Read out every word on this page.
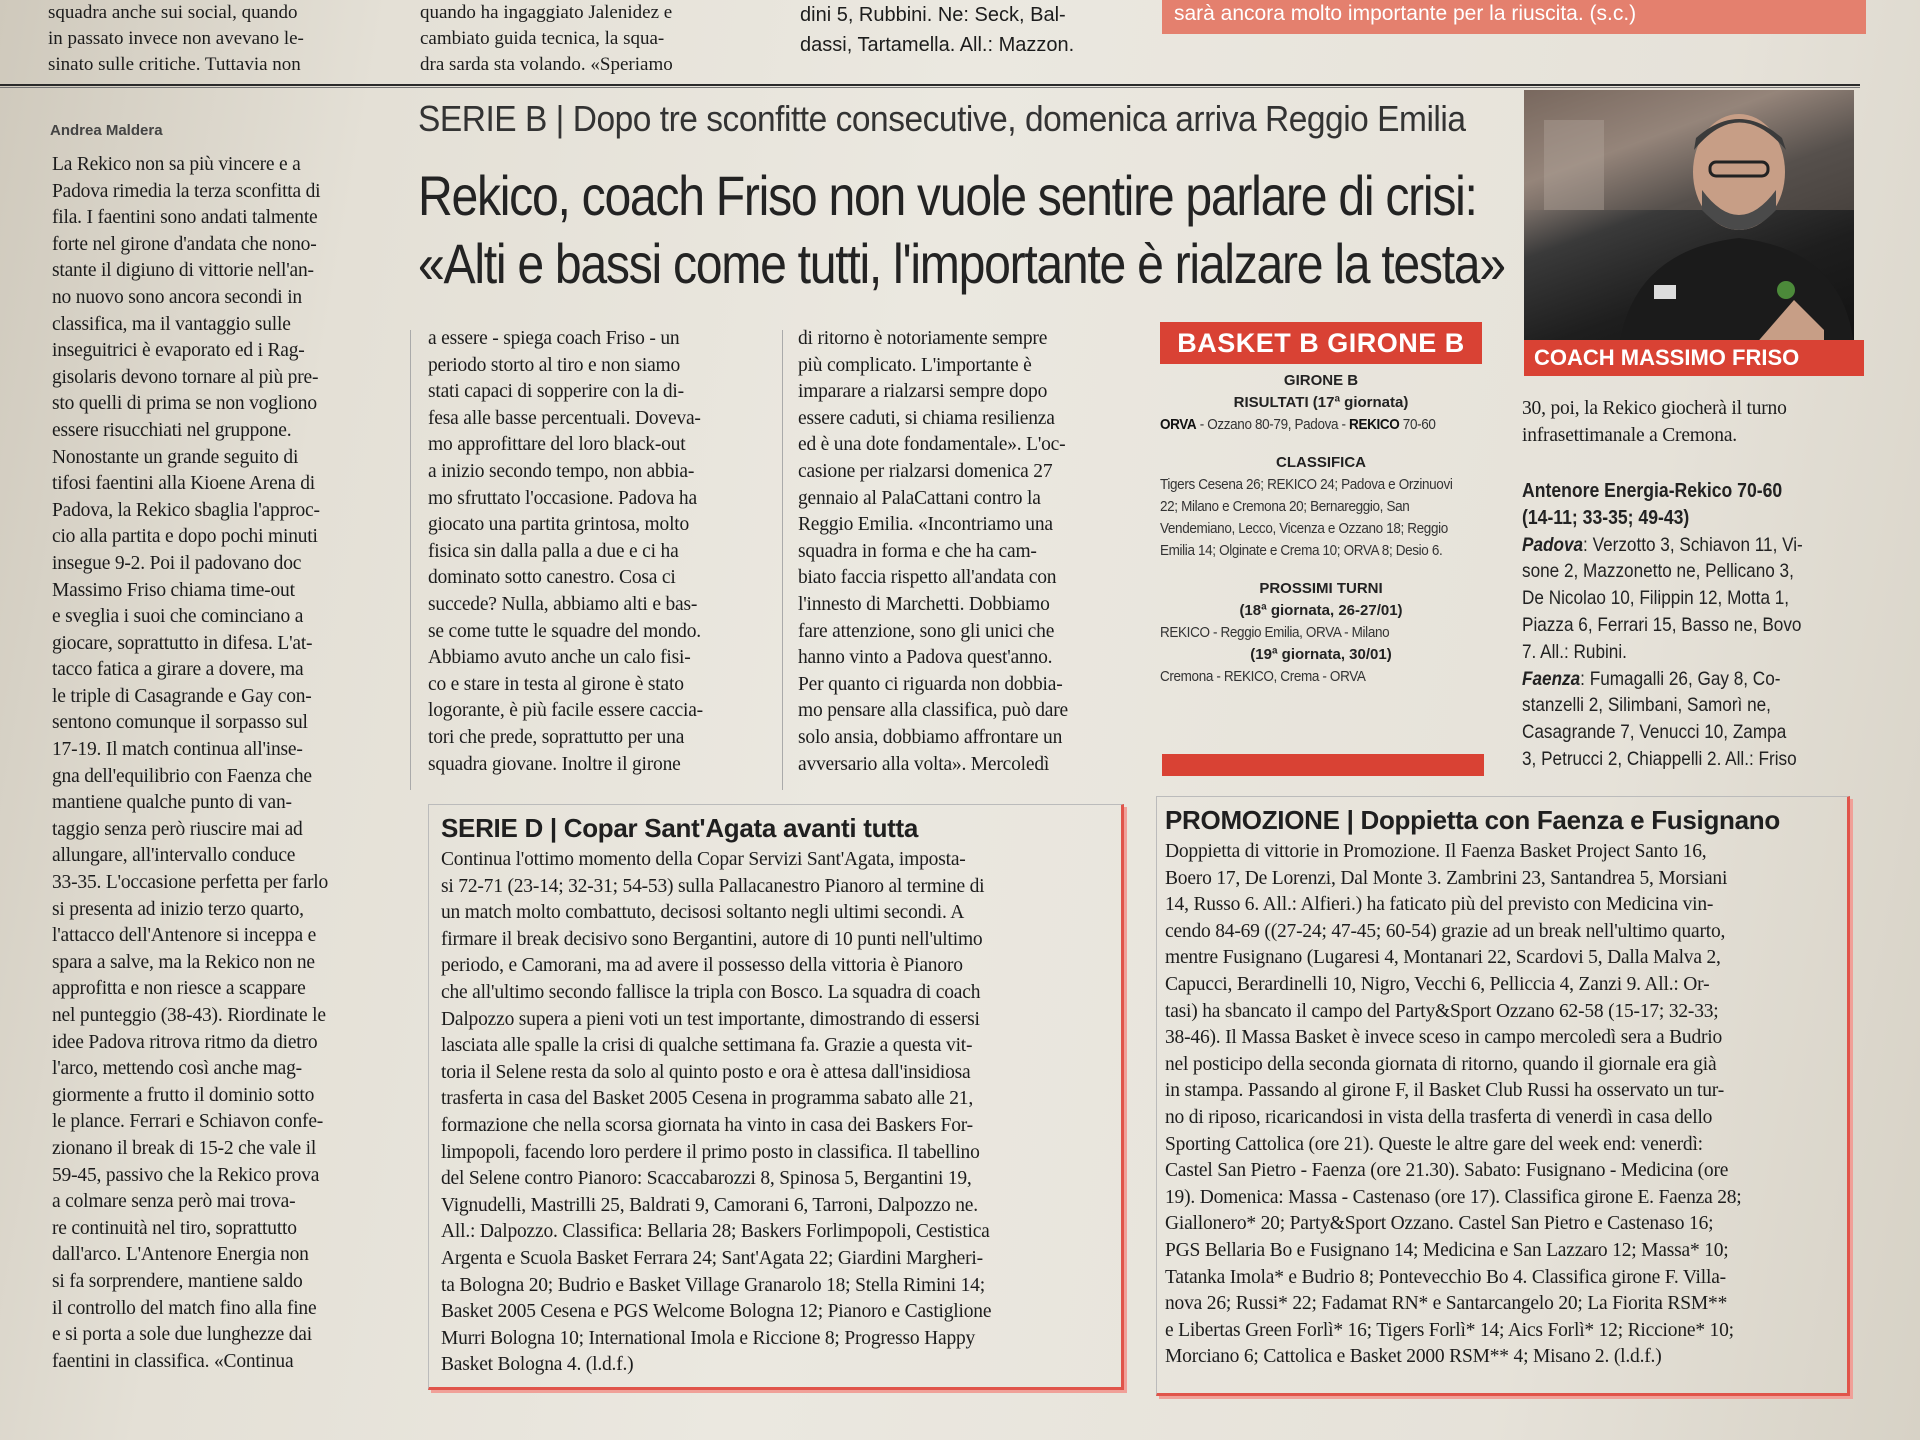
squadra anche sui social, quando
in passato invece non avevano le-
sinato sulle critiche. Tuttavia non
quando ha ingaggiato Jalenidez e
cambiato guida tecnica, la squa-
dra sarda sta volando. «Speriamo
dini 5, Rubbini. Ne: Seck, Bal-
dassi, Tartamella. All.: Mazzon.
sarà ancora molto importante per la riuscita. (s.c.)
Andrea Maldera	SERIE B | Dopo tre sconfitte consecutive, domenica arriva Reggio Emilia
Rekico, coach Friso non vuole sentire parlare di crisi:
«Alti e bassi come tutti, l'importante è rialzare la testa»
La Rekico non sa più vincere e a
Padova rimedia la terza sconfitta di
fila. I faentini sono andati talmente
forte nel girone d'andata che nono-
stante il digiuno di vittorie nell'an-
no nuovo sono ancora secondi in
classifica, ma il vantaggio sulle
inseguitrici è evaporato ed i Rag-
gisolaris devono tornare al più pre-
sto quelli di prima se non vogliono
essere risucchiati nel gruppone.
Nonostante un grande seguito di
tifosi faentini alla Kioene Arena di
Padova, la Rekico sbaglia l'approc-
cio alla partita e dopo pochi minuti
insegue 9-2. Poi il padovano doc
Massimo Friso chiama time-out
e sveglia i suoi che cominciano a
giocare, soprattutto in difesa. L'at-
tacco fatica a girare a dovere, ma
le triple di Casagrande e Gay con-
sentono comunque il sorpasso sul
17-19. Il match continua all'inse-
gna dell'equilibrio con Faenza che
mantiene qualche punto di van-
taggio senza però riuscire mai ad
allungare, all'intervallo conduce
33-35. L'occasione perfetta per farlo
si presenta ad inizio terzo quarto,
l'attacco dell'Antenore si inceppa e
spara a salve, ma la Rekico non ne
approfitta e non riesce a scappare
nel punteggio (38-43). Riordinate le
idee Padova ritrova ritmo da dietro
l'arco, mettendo così anche mag-
giormente a frutto il dominio sotto
le plance. Ferrari e Schiavon confe-
zionano il break di 15-2 che vale il
59-45, passivo che la Rekico prova
a colmare senza però mai trova-
re continuità nel tiro, soprattutto
dall'arco. L'Antenore Energia non
si fa sorprendere, mantiene saldo
il controllo del match fino alla fine
e si porta a sole due lunghezze dai
faentini in classifica. «Continua
a essere - spiega coach Friso - un
periodo storto al tiro e non siamo
stati capaci di sopperire con la di-
fesa alle basse percentuali. Doveva-
mo approfittare del loro black-out
a inizio secondo tempo, non abbia-
mo sfruttato l'occasione. Padova ha
giocato una partita grintosa, molto
fisica sin dalla palla a due e ci ha
dominato sotto canestro. Cosa ci
succede? Nulla, abbiamo alti e bas-
se come tutte le squadre del mondo.
Abbiamo avuto anche un calo fisi-
co e stare in testa al girone è stato
logorante, è più facile essere caccia-
tori che prede, soprattutto per una
squadra giovane. Inoltre il girone
di ritorno è notoriamente sempre
più complicato. L'importante è
imparare a rialzarsi sempre dopo
essere caduti, si chiama resilienza
ed è una dote fondamentale». L'oc-
casione per rialzarsi domenica 27
gennaio al PalaCattani contro la
Reggio Emilia. «Incontriamo una
squadra in forma e che ha cam-
biato faccia rispetto all'andata con
l'innesto di Marchetti. Dobbiamo
fare attenzione, sono gli unici che
hanno vinto a Padova quest'anno.
Per quanto ci riguarda non dobbia-
mo pensare alla classifica, può dare
solo ansia, dobbiamo affrontare un
avversario alla volta». Mercoledì
BASKET B GIRONE B
GIRONE B
RISULTATI (17ª giornata)
ORVA - Ozzano 80-79, Padova - REKICO 70-60
CLASSIFICA
Tigers Cesena 26; REKICO 24; Padova e Orzinuovi
22; Milano e Cremona 20; Bernareggio, San
Vendemiano, Lecco, Vicenza e Ozzano 18; Reggio
Emilia 14; Olginate e Crema 10; ORVA 8; Desio 6.
PROSSIMI TURNI
(18ª giornata, 26-27/01)
REKICO - Reggio Emilia, ORVA - Milano
(19ª giornata, 30/01)
Cremona - REKICO, Crema - ORVA
COACH MASSIMO FRISO
30, poi, la Rekico giocherà il turno
infrasettimanale a Cremona.
Antenore Energia-Rekico 70-60
(14-11; 33-35; 49-43)
Padova: Verzotto 3, Schiavon 11, Vi-
sone 2, Mazzonetto ne, Pellicano 3,
De Nicolao 10, Filippin 12, Motta 1,
Piazza 6, Ferrari 15, Basso ne, Bovo
7. All.: Rubini.
Faenza: Fumagalli 26, Gay 8, Co-
stanzelli 2, Silimbani, Samorì ne,
Casagrande 7, Venucci 10, Zampa
3, Petrucci 2, Chiappelli 2. All.: Friso
SERIE D | Copar Sant'Agata avanti tutta
Continua l'ottimo momento della Copar Servizi Sant'Agata, imposta-
si 72-71 (23-14; 32-31; 54-53) sulla Pallacanestro Pianoro al termine di
un match molto combattuto, decisosi soltanto negli ultimi secondi. A
firmare il break decisivo sono Bergantini, autore di 10 punti nell'ultimo
periodo, e Camorani, ma ad avere il possesso della vittoria è Pianoro
che all'ultimo secondo fallisce la tripla con Bosco. La squadra di coach
Dalpozzo supera a pieni voti un test importante, dimostrando di essersi
lasciata alle spalle la crisi di qualche settimana fa. Grazie a questa vit-
toria il Selene resta da solo al quinto posto e ora è attesa dall'insidiosa
trasferta in casa del Basket 2005 Cesena in programma sabato alle 21,
formazione che nella scorsa giornata ha vinto in casa dei Baskers For-
limpopoli, facendo loro perdere il primo posto in classifica. Il tabellino
del Selene contro Pianoro: Scaccabarozzi 8, Spinosa 5, Bergantini 19,
Vignudelli, Mastrilli 25, Baldrati 9, Camorani 6, Tarroni, Dalpozzo ne.
All.: Dalpozzo. Classifica: Bellaria 28; Baskers Forlimpopoli, Cestistica
Argenta e Scuola Basket Ferrara 24; Sant'Agata 22; Giardini Margheri-
ta Bologna 20; Budrio e Basket Village Granarolo 18; Stella Rimini 14;
Basket 2005 Cesena e PGS Welcome Bologna 12; Pianoro e Castiglione
Murri Bologna 10; International Imola e Riccione 8; Progresso Happy
Basket Bologna 4. (l.d.f.)
PROMOZIONE | Doppietta con Faenza e Fusignano
Doppietta di vittorie in Promozione. Il Faenza Basket Project Santo 16,
Boero 17, De Lorenzi, Dal Monte 3. Zambrini 23, Santandrea 5, Morsiani
14, Russo 6. All.: Alfieri.) ha faticato più del previsto con Medicina vin-
cendo 84-69 ((27-24; 47-45; 60-54) grazie ad un break nell'ultimo quarto,
mentre Fusignano (Lugaresi 4, Montanari 22, Scardovi 5, Dalla Malva 2,
Capucci, Berardinelli 10, Nigro, Vecchi 6, Pelliccia 4, Zanzi 9. All.: Or-
tasi) ha sbancato il campo del Party&Sport Ozzano 62-58 (15-17; 32-33;
38-46). Il Massa Basket è invece sceso in campo mercoledì sera a Budrio
nel posticipo della seconda giornata di ritorno, quando il giornale era già
in stampa. Passando al girone F, il Basket Club Russi ha osservato un tur-
no di riposo, ricaricandosi in vista della trasferta di venerdì in casa dello
Sporting Cattolica (ore 21). Queste le altre gare del week end: venerdì:
Castel San Pietro - Faenza (ore 21.30). Sabato: Fusignano - Medicina (ore
19). Domenica: Massa - Castenaso (ore 17). Classifica girone E. Faenza 28;
Giallonero* 20; Party&Sport Ozzano. Castel San Pietro e Castenaso 16;
PGS Bellaria Bo e Fusignano 14; Medicina e San Lazzaro 12; Massa* 10;
Tatanka Imola* e Budrio 8; Pontevecchio Bo 4. Classifica girone F. Villa-
nova 26; Russi* 22; Fadamat RN* e Santarcangelo 20; La Fiorita RSM**
e Libertas Green Forlì* 16; Tigers Forlì* 14; Aics Forlì* 12; Riccione* 10;
Morciano 6; Cattolica e Basket 2000 RSM** 4; Misano 2. (l.d.f.)
